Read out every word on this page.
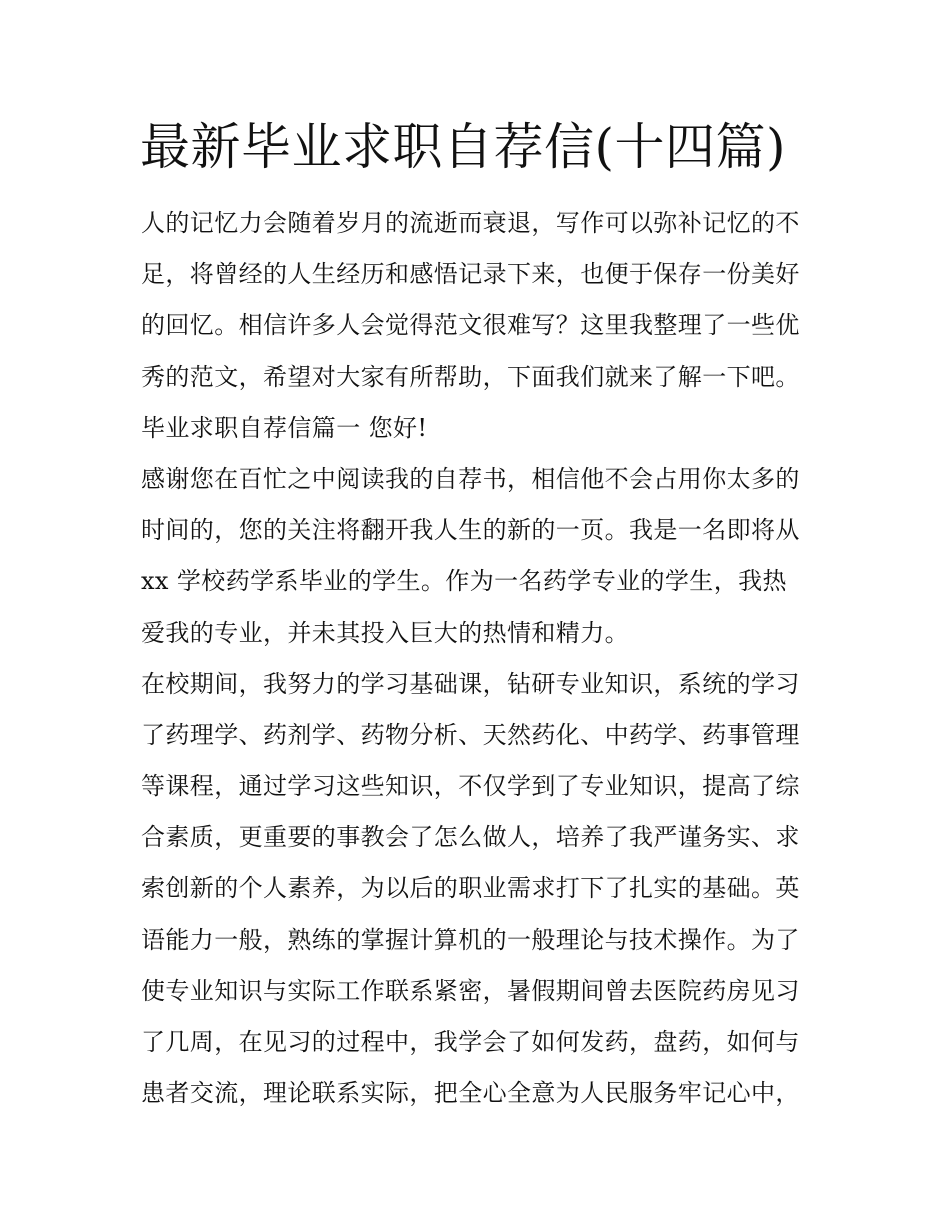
最新毕业求职自荐信(十四篇)
人的记忆力会随着岁月的流逝而衰退，写作可以弥补记忆的不
足，将曾经的人生经历和感悟记录下来，也便于保存一份美好
的回忆。相信许多人会觉得范文很难写？这里我整理了一些优
秀的范文，希望对大家有所帮助，下面我们就来了解一下吧。
毕业求职自荐信篇一 您好!
感谢您在百忙之中阅读我的自荐书，相信他不会占用你太多的
时间的，您的关注将翻开我人生的新的一页。我是一名即将从
xx 学校药学系毕业的学生。作为一名药学专业的学生，我热
爱我的专业，并未其投入巨大的热情和精力。
在校期间，我努力的学习基础课，钻研专业知识，系统的学习
了药理学、药剂学、药物分析、天然药化、中药学、药事管理
等课程，通过学习这些知识，不仅学到了专业知识，提高了综
合素质，更重要的事教会了怎么做人，培养了我严谨务实、求
索创新的个人素养，为以后的职业需求打下了扎实的基础。英
语能力一般，熟练的掌握计算机的一般理论与技术操作。为了
使专业知识与实际工作联系紧密，暑假期间曾去医院药房见习
了几周，在见习的过程中，我学会了如何发药，盘药，如何与
患者交流，理论联系实际，把全心全意为人民服务牢记心中，
